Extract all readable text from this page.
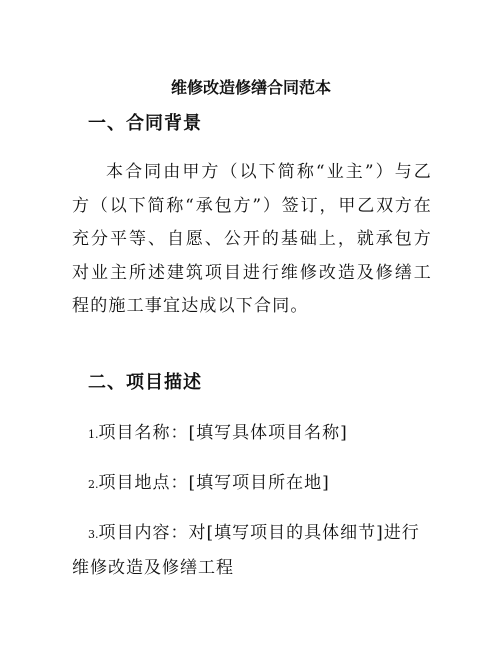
维修改造修缮合同范本
一、合同背景
本合同由甲方（以下简称“业主”）与乙方（以下简称“承包方”）签订，甲乙双方在充分平等、自愿、公开的基础上，就承包方对业主所述建筑项目进行维修改造及修缮工程的施工事宜达成以下合同。
二、项目描述
1.项目名称：[填写具体项目名称]
2.项目地点：[填写项目所在地]
3.项目内容：对[填写项目的具体细节]进行
维修改造及修缮工程
